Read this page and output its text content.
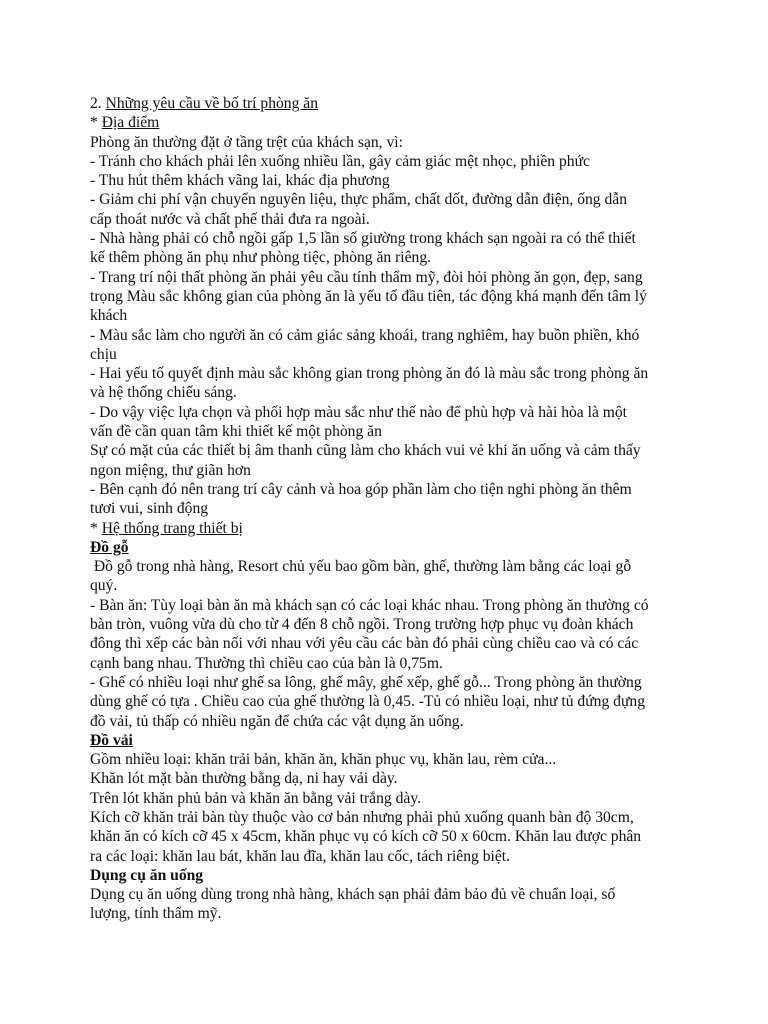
2. Những yêu cầu về bố trí phòng ăn
* Địa điểm
Phòng ăn thường đặt ở tầng trệt của khách sạn, vì:
- Tránh cho khách phải lên xuống nhiều lần, gây cảm giác mệt nhọc, phiền phức
- Thu hút thêm khách vãng lai, khác địa phương
- Giảm chi phí vận chuyển nguyên liệu, thực phẩm, chất dốt, đường dẫn điện, ống dẫn
cấp thoát nước và chất phế thải đưa ra ngoài.
- Nhà hàng phải có chỗ ngồi gấp 1,5 lần số giường trong khách sạn ngoài ra có thể thiết
kế thêm phòng ăn phụ như phòng tiệc, phòng ăn riêng.
- Trang trí nội thất phòng ăn phải yêu cầu tính thẩm mỹ, đòi hỏi phòng ăn gọn, đẹp, sang
trọng Màu sắc không gian của phòng ăn là yếu tố đầu tiên, tác động khá mạnh đến tâm lý
khách
- Màu sắc làm cho người ăn có cảm giác sảng khoái, trang nghiêm, hay buồn phiền, khó
chịu
- Hai yếu tố quyết định màu sắc không gian trong phòng ăn đó là màu sắc trong phòng ăn
và hệ thống chiếu sáng.
- Do vậy việc lựa chọn và phối hợp màu sắc như thế nào để phù hợp và hài hòa là một
vấn đề cần quan tâm khi thiết kế một phòng ăn
Sự có mặt của các thiết bị âm thanh cũng làm cho khách vui vẻ khi ăn uống và cảm thấy
ngon miệng, thư giãn hơn
- Bên cạnh đó nên trang trí cây cảnh và hoa góp phần làm cho tiện nghi phòng ăn thêm
tươi vui, sinh động
* Hệ thống trang thiết bị
Đồ gỗ
Đồ gỗ trong nhà hàng, Resort chủ yếu bao gồm bàn, ghế, thường làm bằng các loại gỗ
quý.
- Bàn ăn: Tùy loại bàn ăn mà khách sạn có các loại khác nhau. Trong phòng ăn thường có
bàn tròn, vuông vừa dù cho từ 4 đến 8 chỗ ngồi. Trong trường hợp phục vụ đoàn khách
đông thì xếp các bàn nối với nhau với yêu cầu các bàn đó phải cùng chiều cao và có các
cạnh bang nhau. Thường thì chiều cao của bàn là 0,75m.
- Ghế có nhiều loại như ghế sa lông, ghế mây, ghế xếp, ghế gỗ... Trong phòng ăn thường
dùng ghế có tựa . Chiều cao của ghế thường là 0,45. -Tủ có nhiều loại, như tủ đứng đựng
đồ vải, tủ thấp có nhiều ngăn để chứa các vật dụng ăn uống.
Đồ vải
Gồm nhiều loại: khăn trải bản, khăn ăn, khăn phục vụ, khăn lau, rèm cửa...
Khăn lót mặt bàn thường bằng dạ, ni hay vải dày.
Trên lót khăn phủ bản và khăn ăn bằng vải trắng dày.
Kích cỡ khăn trải bàn tùy thuộc vào cơ bản nhưng phải phủ xuống quanh bàn độ 30cm,
khăn ăn có kích cỡ 45 x 45cm, khăn phục vụ có kích cỡ 50 x 60cm. Khăn lau được phân
ra các loại: khăn lau bát, khăn lau đĩa, khăn lau cốc, tách riêng biệt.
Dụng cụ ăn uống
Dụng cụ ăn uống dùng trong nhà hàng, khách sạn phải đảm bảo đủ về chuẩn loại, số
lượng, tính thẩm mỹ.
